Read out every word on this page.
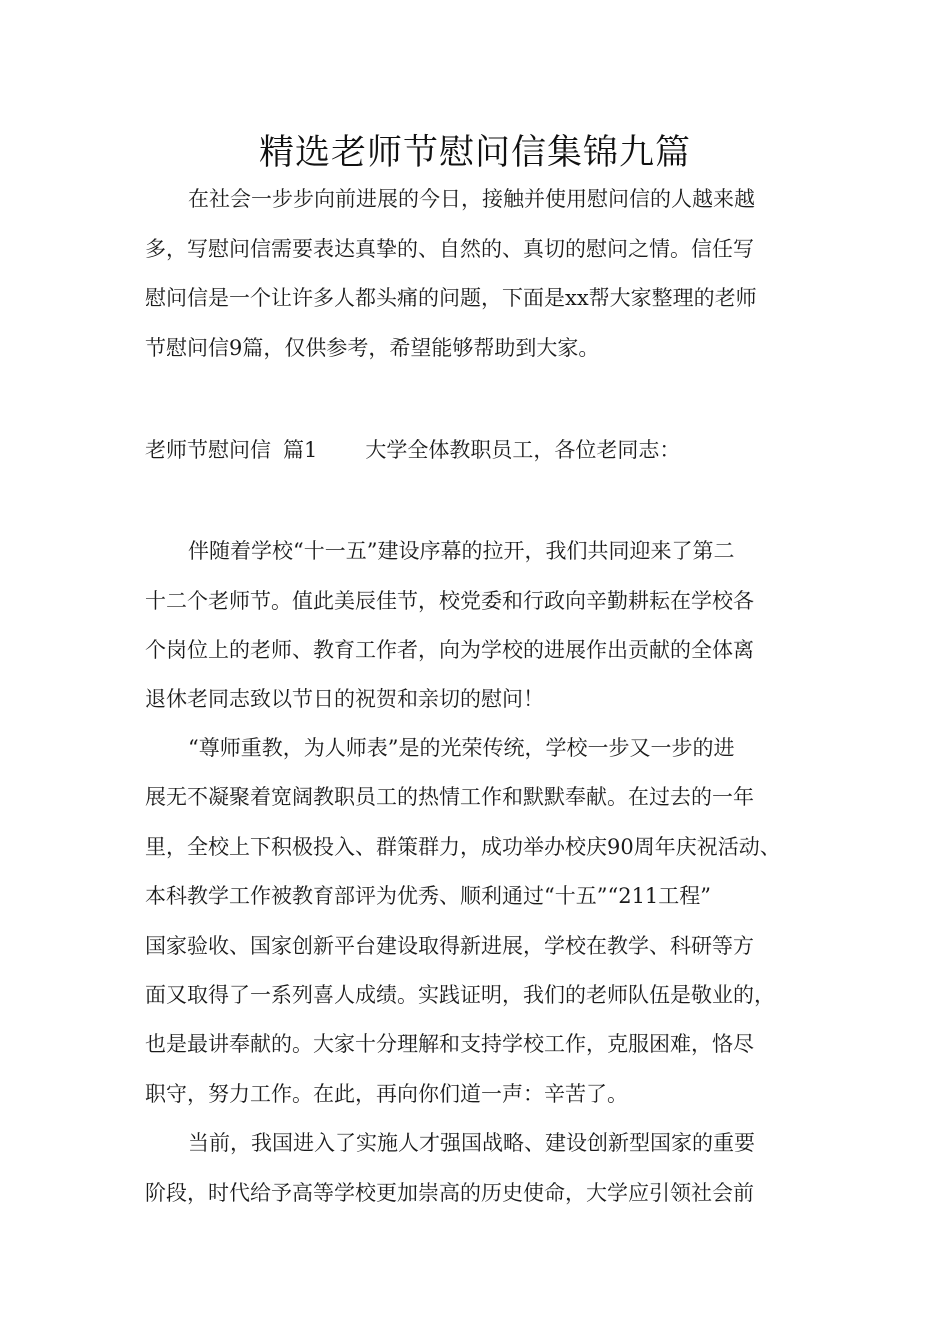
精选老师节慰问信集锦九篇
在社会一步步向前进展的今日，接触并使用慰问信的人越来越
多，写慰问信需要表达真挚的、自然的、真切的慰问之情。信任写
慰问信是一个让许多人都头痛的问题，下面是xx帮大家整理的老师
节慰问信9篇，仅供参考，希望能够帮助到大家。
老师节慰问信 篇1 大学全体教职员工，各位老同志：
伴随着学校“十一五”建设序幕的拉开，我们共同迎来了第二
十二个老师节。值此美辰佳节，校党委和行政向辛勤耕耘在学校各
个岗位上的老师、教育工作者，向为学校的进展作出贡献的全体离
退休老同志致以节日的祝贺和亲切的慰问！
“尊师重教，为人师表”是的光荣传统，学校一步又一步的进
展无不凝聚着宽阔教职员工的热情工作和默默奉献。在过去的一年
里，全校上下积极投入、群策群力，成功举办校庆90周年庆祝活动、
本科教学工作被教育部评为优秀、顺利通过“十五”“211工程”
国家验收、国家创新平台建设取得新进展，学校在教学、科研等方
面又取得了一系列喜人成绩。实践证明，我们的老师队伍是敬业的，
也是最讲奉献的。大家十分理解和支持学校工作，克服困难，恪尽
职守，努力工作。在此，再向你们道一声：辛苦了。
当前，我国进入了实施人才强国战略、建设创新型国家的重要
阶段，时代给予高等学校更加崇高的历史使命，大学应引领社会前
